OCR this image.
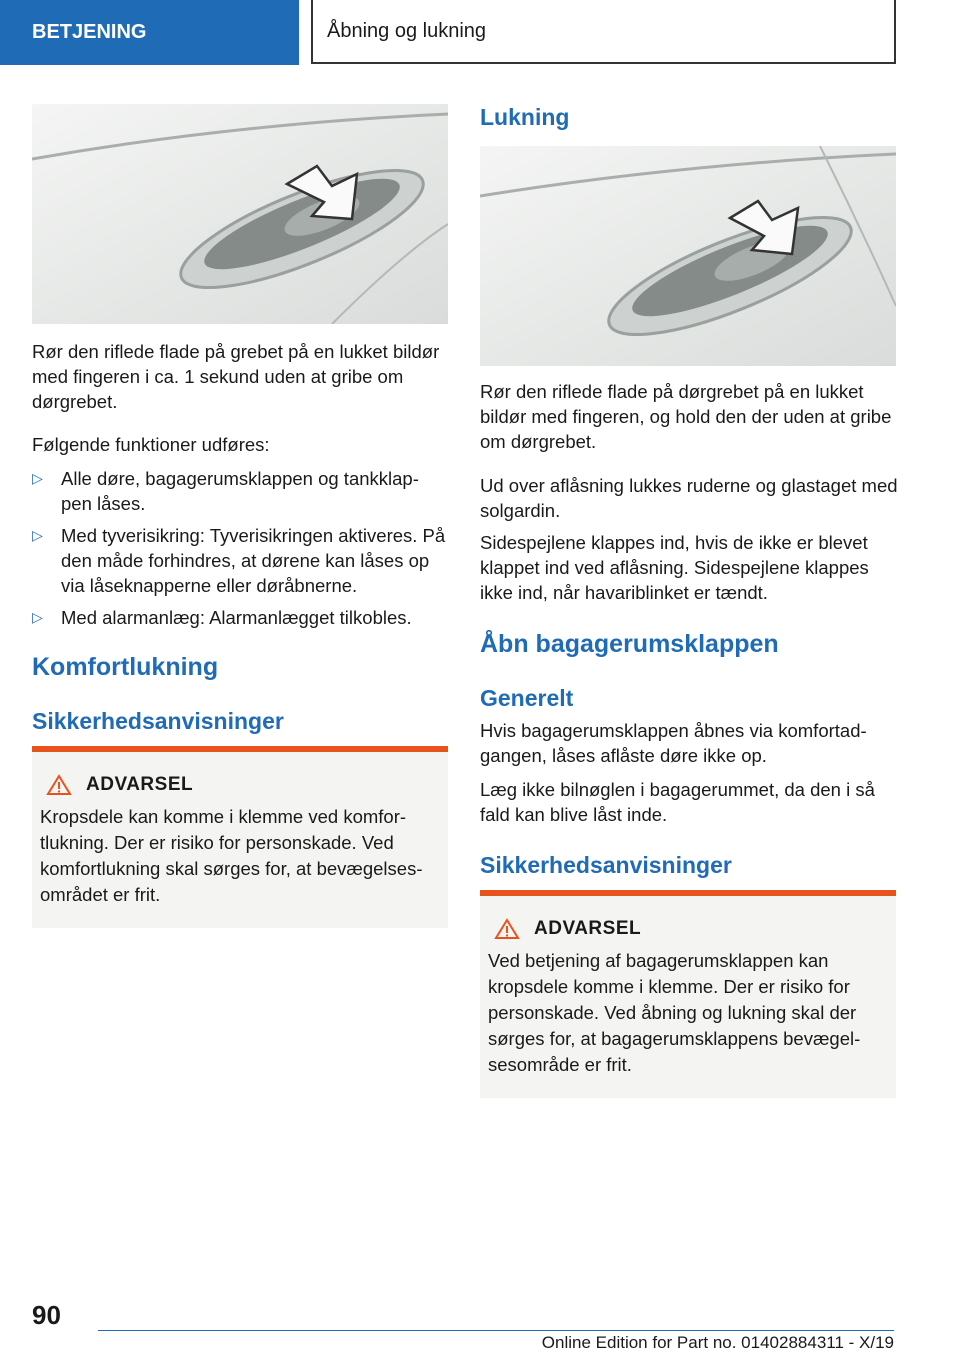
BETJENING	Åbning og lukning

Rør den riflede flade på grebet på en lukket bildør med fingeren i ca. 1 sekund uden at gribe om dørgrebet.

Følgende funktioner udføres:

▷ Alle døre, bagagerumsklappen og tankklap-pen låses.
▷ Med tyverisikring: Tyverisikringen aktiveres. På den måde forhindres, at dørene kan låses op via låseknapperne eller døråbnerne.
▷ Med alarmanlæg: Alarmanlægget tilkobles.
Komfortlukning
Sikkerhedsanvisninger
ADVARSEL

Kropsdele kan komme i klemme ved komfor-tlukning. Der er risiko for personskade. Ved komfortlukning skal sørges for, at bevægelses-området er frit.

Lukning

Rør den riflede flade på dørgrebet på en lukket bildør med fingeren, og hold den der uden at gribe om dørgrebet.

Ud over aflåsning lukkes ruderne og glastaget med solgardin.

Sidespejlene klappes ind, hvis de ikke er blevet klappet ind ved aflåsning. Sidespejlene klappes ikke ind, når havariblinket er tændt.

Åbn bagagerumsklappen
Generelt

Hvis bagagerumsklappen åbnes via komfortad-gangen, låses aflåste døre ikke op.

Læg ikke bilnøglen i bagagerummet, da den i så fald kan blive låst inde.

Sikkerhedsanvisninger
ADVARSEL

Ved betjening af bagagerumsklappen kan kropsdele komme i klemme. Der er risiko for personskade. Ved åbning og lukning skal der sørges for, at bagagerumsklappens bevægel-sesområde er frit.

90
Online Edition for Part no. 01402884311 - X/19
